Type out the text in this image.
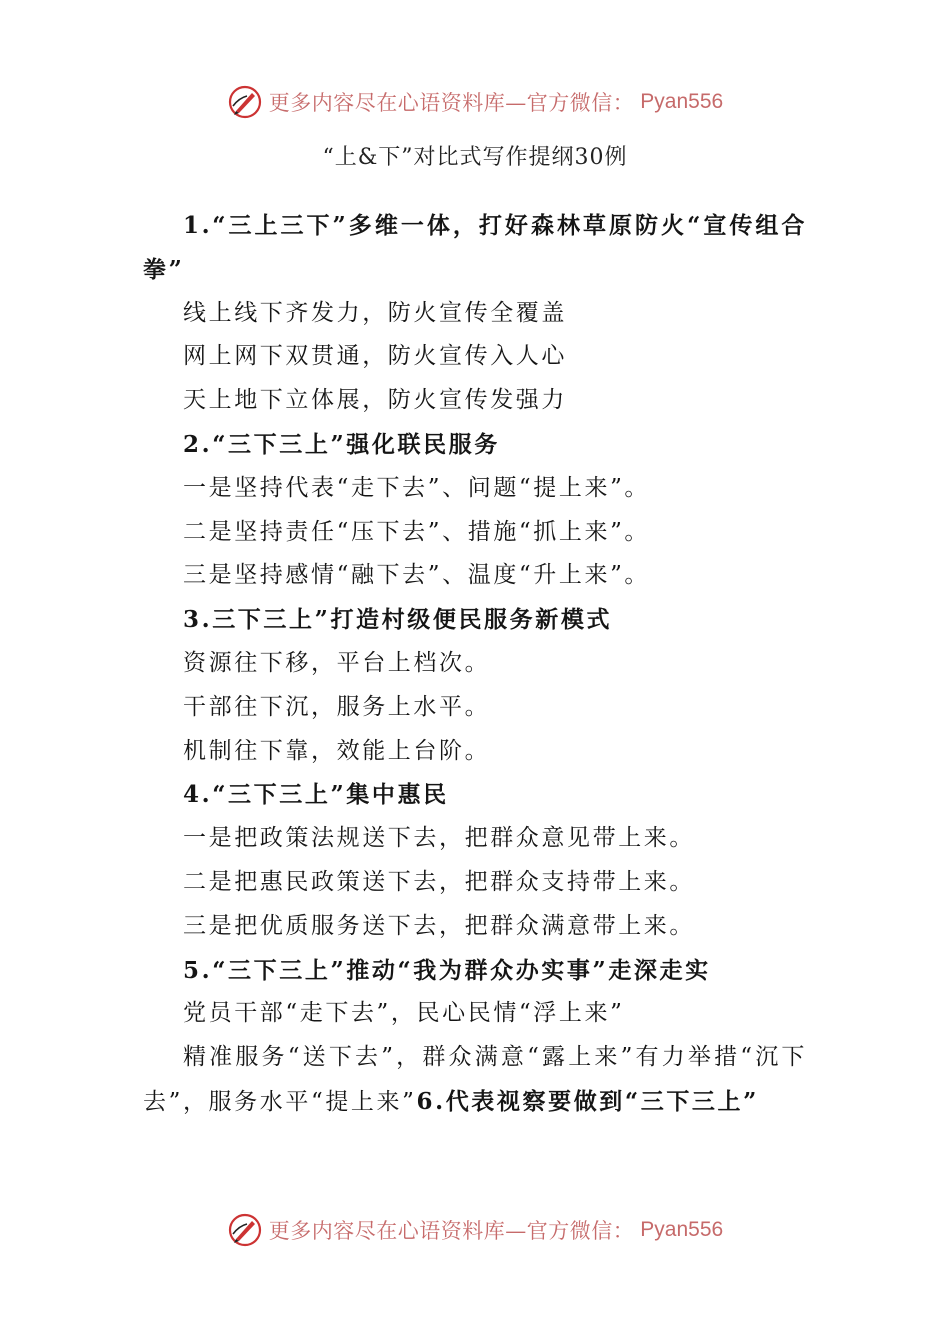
更多内容尽在心语资料库—官方微信： Pyan556
“上&下”对比式写作提纲30例
1.“三上三下”多维一体，打好森林草原防火“宣传组合拳”
线上线下齐发力，防火宣传全覆盖
网上网下双贯通，防火宣传入人心
天上地下立体展，防火宣传发强力
2.“三下三上”强化联民服务
一是坚持代表“走下去”、问题“提上来”。
二是坚持责任“压下去”、措施“抓上来”。
三是坚持感情“融下去”、温度“升上来”。
3.三下三上”打造村级便民服务新模式
资源往下移，平台上档次。
干部往下沉，服务上水平。
机制往下靠，效能上台阶。
4.“三下三上”集中惠民
一是把政策法规送下去，把群众意见带上来。
二是把惠民政策送下去，把群众支持带上来。
三是把优质服务送下去，把群众满意带上来。
5.“三下三上”推动“我为群众办实事”走深走实
党员干部“走下去”，民心民情“浮上来”
精准服务“送下去”，群众满意“露上来”有力举措“沉下去”，服务水平“提上来”6.代表视察要做到“三下三上”
更多内容尽在心语资料库—官方微信： Pyan556
